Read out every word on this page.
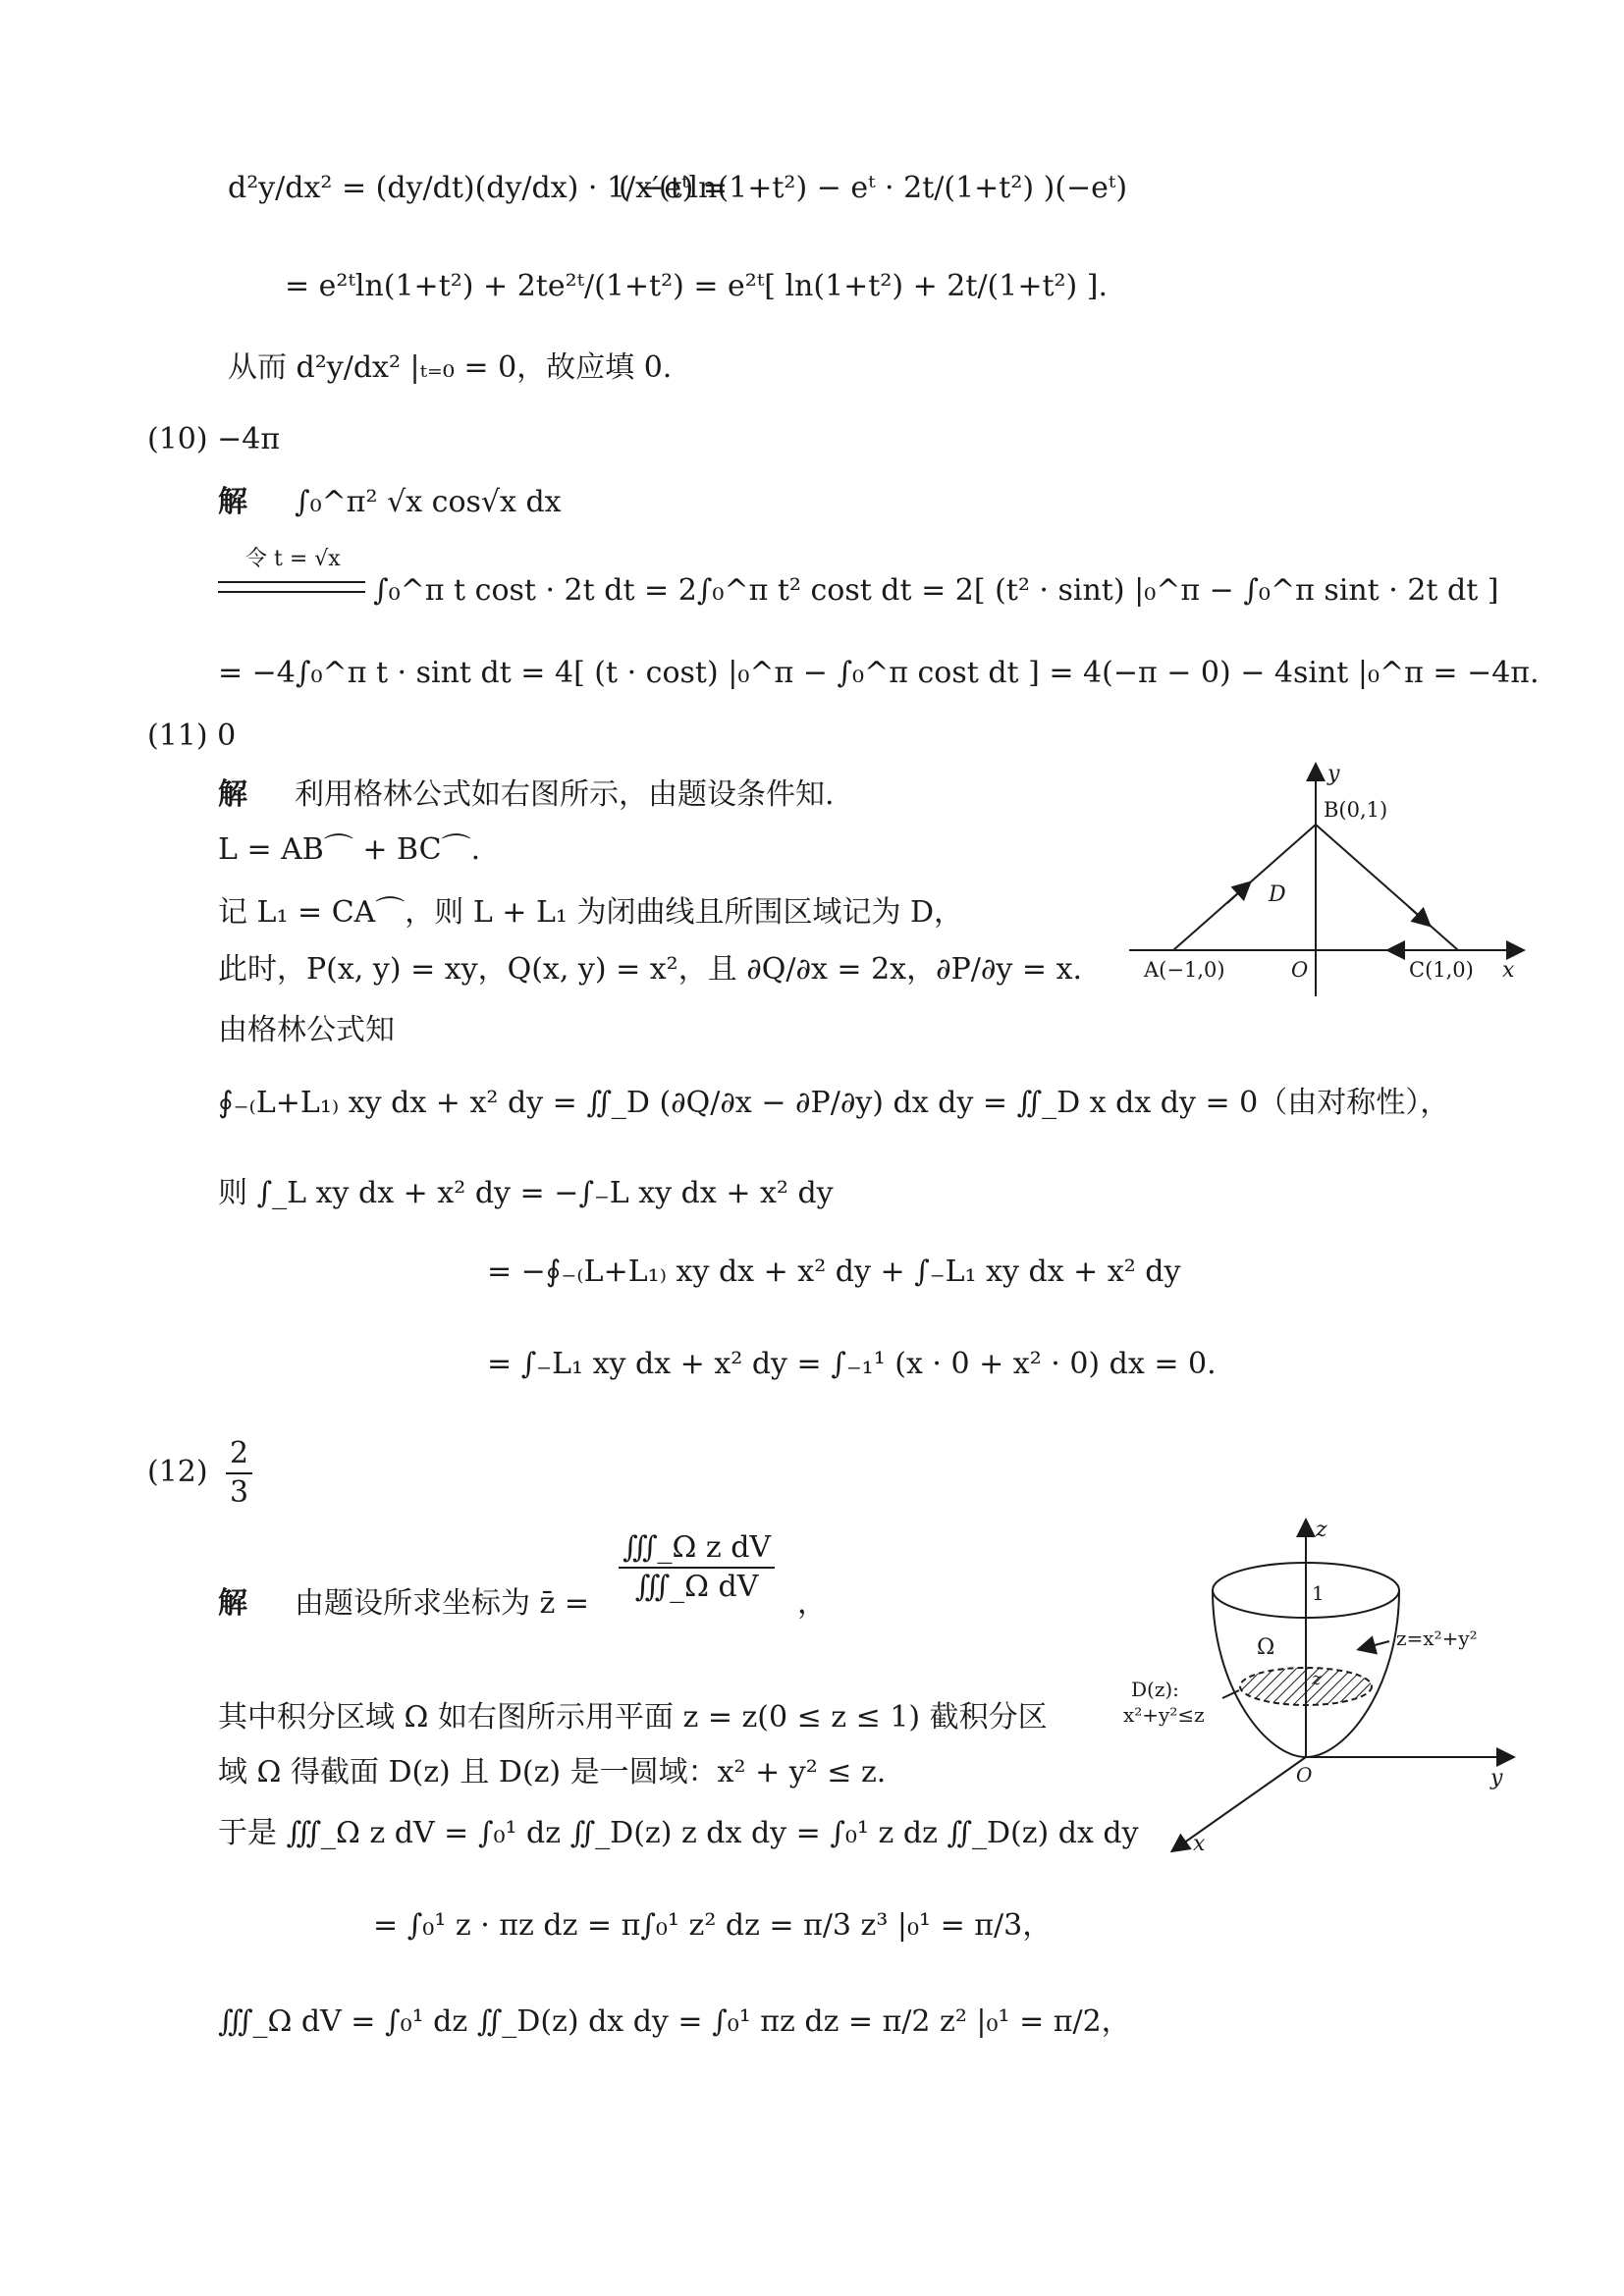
d²y/dx² = (dy/dt)(dy/dx) · 1/x′(t) =
( −eᵗln(1+t²) − eᵗ · 2t/(1+t²) )(−eᵗ)
= e²ᵗln(1+t²) + 2te²ᵗ/(1+t²) = e²ᵗ[ ln(1+t²) + 2t/(1+t²) ].
从而 d²y/dx² |ₜ₌₀ = 0，故应填 0.
(10) −4π
解 ∫₀^π² √x cos√x dx
令 t = √x
∫₀^π t cost · 2t dt = 2∫₀^π t² cost dt = 2[ (t² · sint) |₀^π − ∫₀^π sint · 2t dt ]
= −4∫₀^π t · sint dt = 4[ (t · cost) |₀^π − ∫₀^π cost dt ] = 4(−π − 0) − 4sint |₀^π = −4π.
(11) 0
解 利用格林公式如右图所示，由题设条件知.
L = AB⌒ + BC⌒.
记 L₁ = CA⌒，则 L + L₁ 为闭曲线且所围区域记为 D，
此时，P(x, y) = xy，Q(x, y) = x²，且 ∂Q/∂x = 2x，∂P/∂y = x.
由格林公式知
∮₋₍L+L₁₎ xy dx + x² dy = ∬_D (∂Q/∂x − ∂P/∂y) dx dy = ∬_D x dx dy = 0（由对称性），
则 ∫_L xy dx + x² dy = −∫₋L xy dx + x² dy
= −∮₋₍L+L₁₎ xy dx + x² dy + ∫₋L₁ xy dx + x² dy
= ∫₋L₁ xy dx + x² dy = ∫₋₁¹ (x · 0 + x² · 0) dx = 0.
y
x
B(0,1)
A(−1,0)	C(1,0)
O
D
$(12) \frac{2}{3}$
解 由题设所求坐标为 z̄ = $\frac{\text{∭\_Ω z dV}}{\text{∭\_Ω dV}}$ ，
其中积分区域 Ω 如右图所示用平面 z = z(0 ≤ z ≤ 1) 截积分区
域 Ω 得截面 D(z) 且 D(z) 是一圆域：x² + y² ≤ z.
于是 ∭_Ω z dV = ∫₀¹ dz ∬_D(z) z dx dy = ∫₀¹ z dz ∬_D(z) dx dy
= ∫₀¹ z · πz dz = π∫₀¹ z² dz = π/3 z³ |₀¹ = π/3，
∭_Ω dV = ∫₀¹ dz ∬_D(z) dx dy = ∫₀¹ πz dz = π/2 z² |₀¹ = π/2，
z
y
x
1
Ω	z=x²+y²
D(z):
x²+y²≤z
O
z
